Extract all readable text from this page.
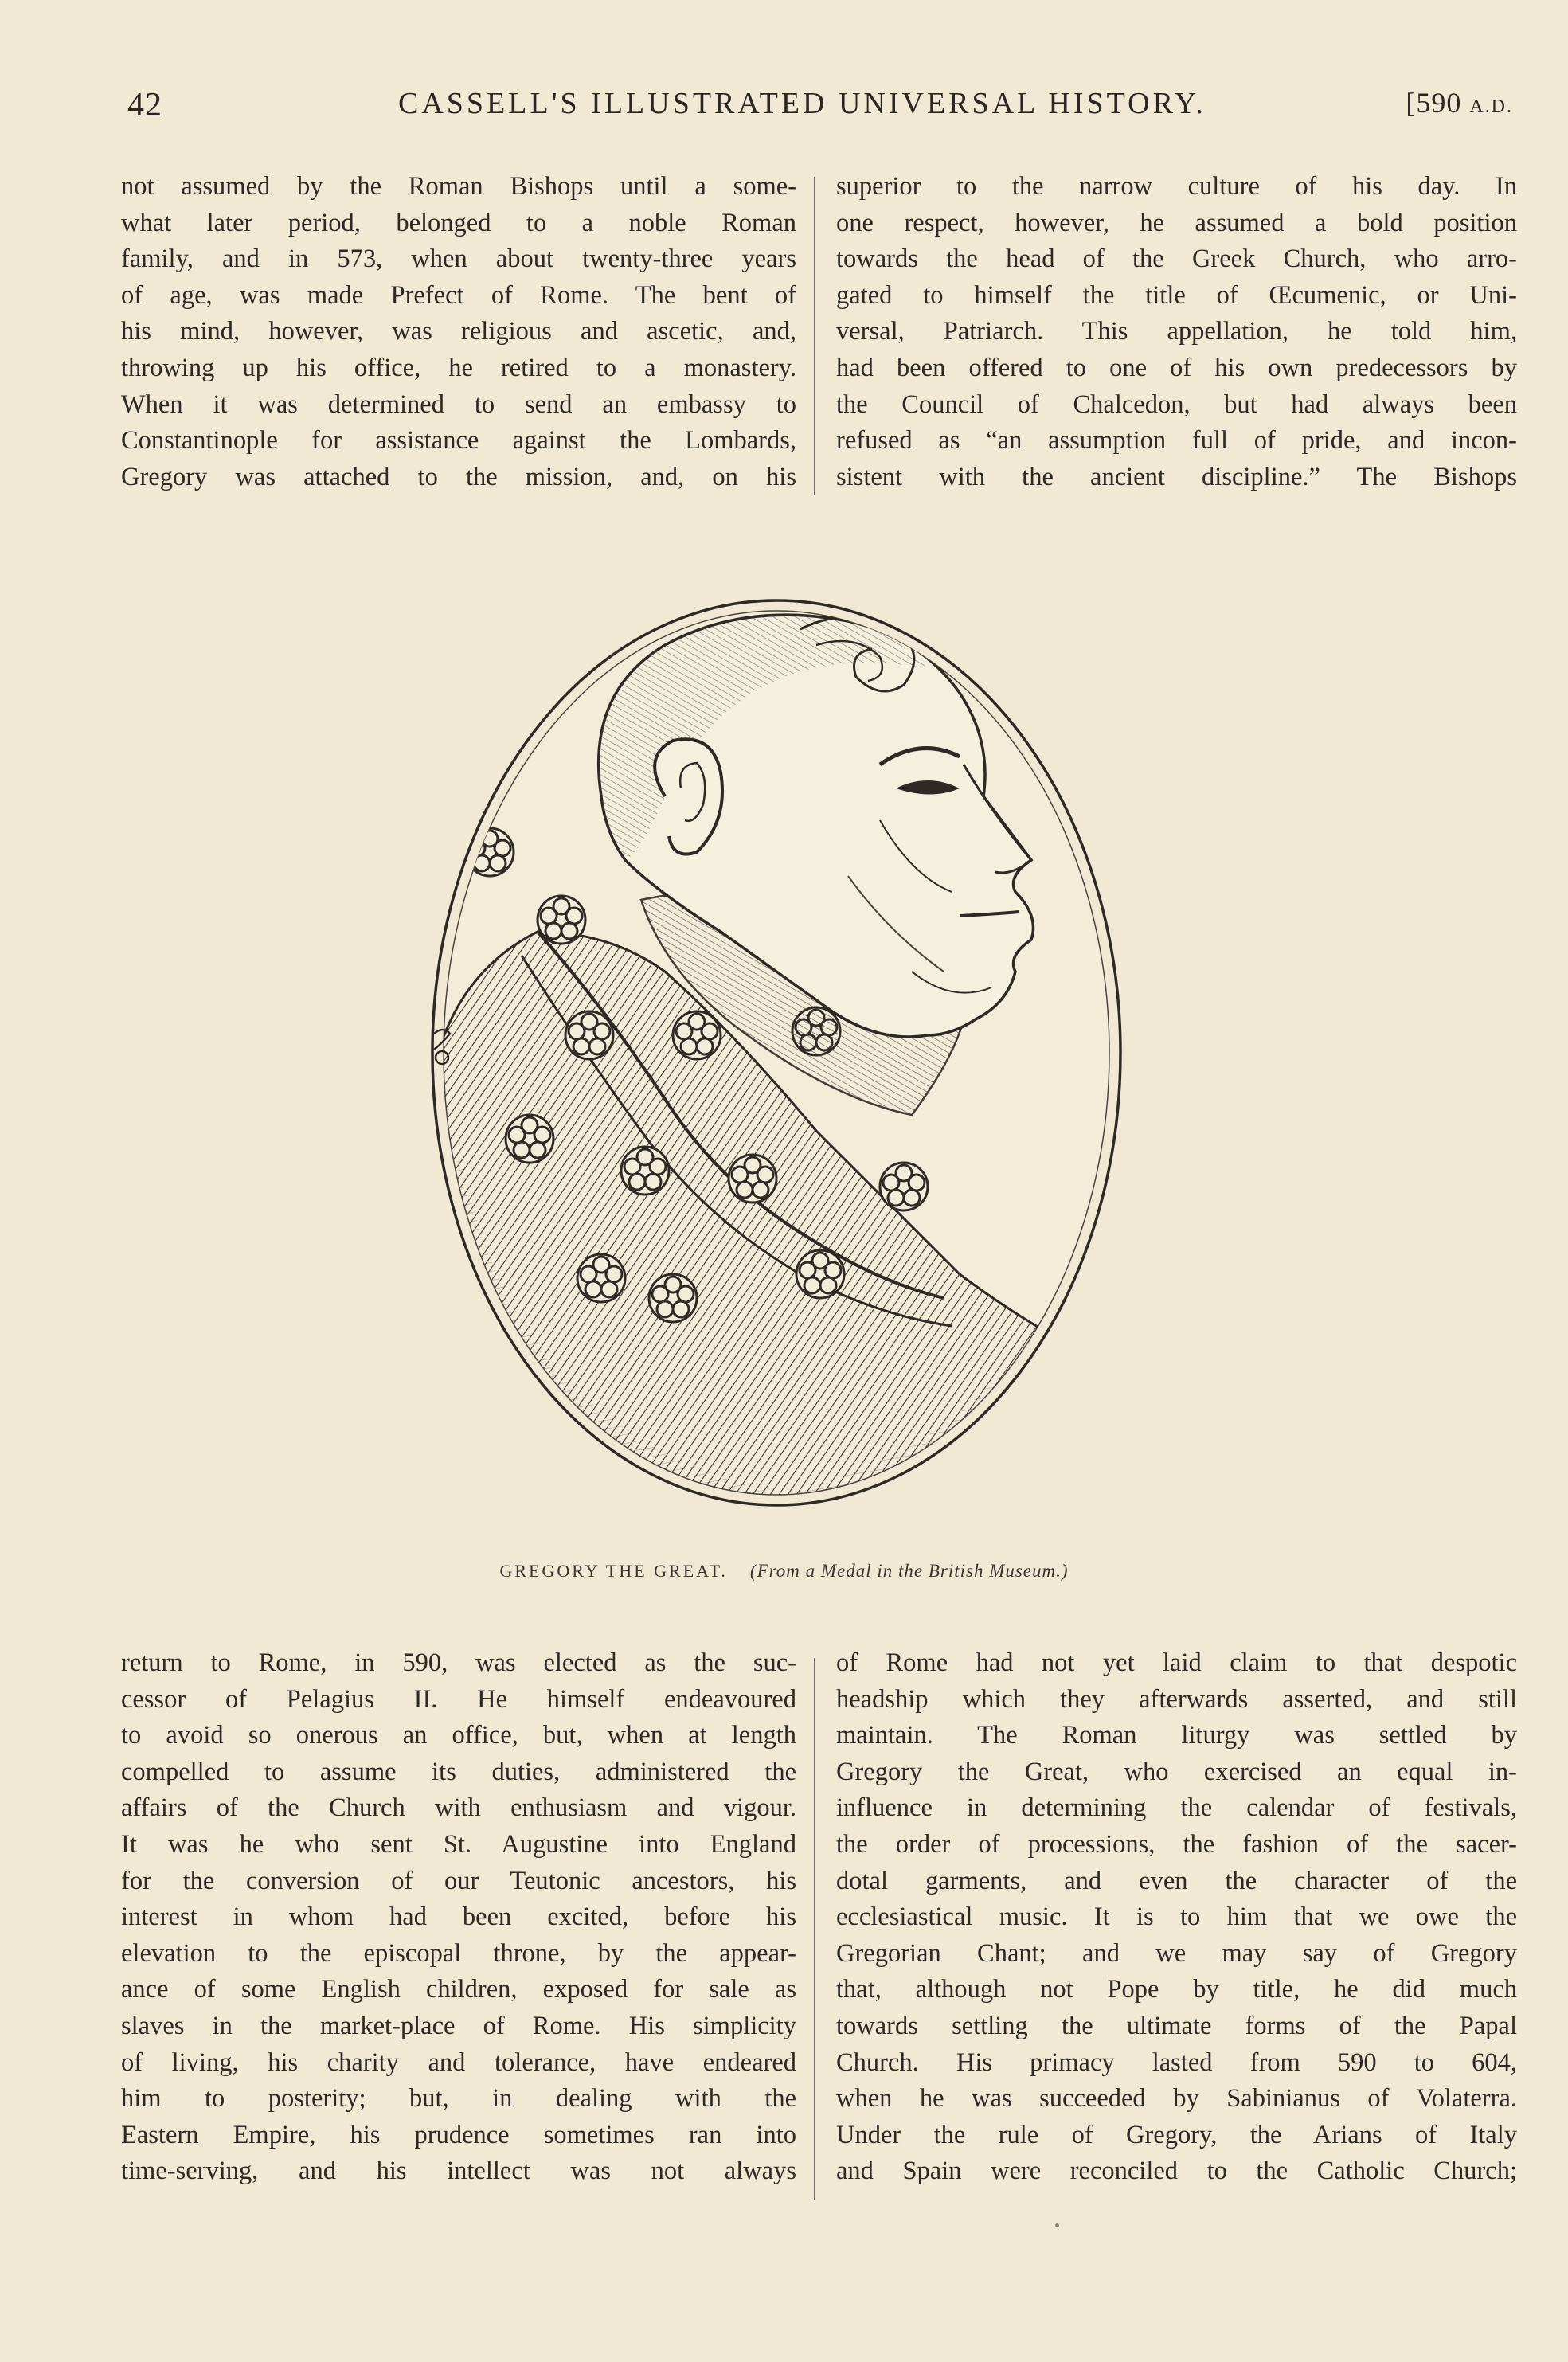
42	CASSELL'S ILLUSTRATED UNIVERSAL HISTORY.	[590 A.D.
not assumed by the Roman Bishops until a some-
what later period, belonged to a noble Roman
family, and in 573, when about twenty-three years
of age, was made Prefect of Rome. The bent of
his mind, however, was religious and ascetic, and,
throwing up his office, he retired to a monastery.
When it was determined to send an embassy to
Constantinople for assistance against the Lombards,
Gregory was attached to the mission, and, on his
superior to the narrow culture of his day. In
one respect, however, he assumed a bold position
towards the head of the Greek Church, who arro-
gated to himself the title of Œcumenic, or Uni-
versal, Patriarch. This appellation, he told him,
had been offered to one of his own predecessors by
the Council of Chalcedon, but had always been
refused as “an assumption full of pride, and incon-
sistent with the ancient discipline.” The Bishops
GREGORY THE GREAT. (From a Medal in the British Museum.)
return to Rome, in 590, was elected as the suc-
cessor of Pelagius II. He himself endeavoured
to avoid so onerous an office, but, when at length
compelled to assume its duties, administered the
affairs of the Church with enthusiasm and vigour.
It was he who sent St. Augustine into England
for the conversion of our Teutonic ancestors, his
interest in whom had been excited, before his
elevation to the episcopal throne, by the appear-
ance of some English children, exposed for sale as
slaves in the market-place of Rome. His simplicity
of living, his charity and tolerance, have endeared
him to posterity; but, in dealing with the
Eastern Empire, his prudence sometimes ran into
time-serving, and his intellect was not always
of Rome had not yet laid claim to that despotic
headship which they afterwards asserted, and still
maintain. The Roman liturgy was settled by
Gregory the Great, who exercised an equal in-
influence in determining the calendar of festivals,
the order of processions, the fashion of the sacer-
dotal garments, and even the character of the
ecclesiastical music. It is to him that we owe the
Gregorian Chant; and we may say of Gregory
that, although not Pope by title, he did much
towards settling the ultimate forms of the Papal
Church. His primacy lasted from 590 to 604,
when he was succeeded by Sabinianus of Volaterra.
Under the rule of Gregory, the Arians of Italy
and Spain were reconciled to the Catholic Church;
